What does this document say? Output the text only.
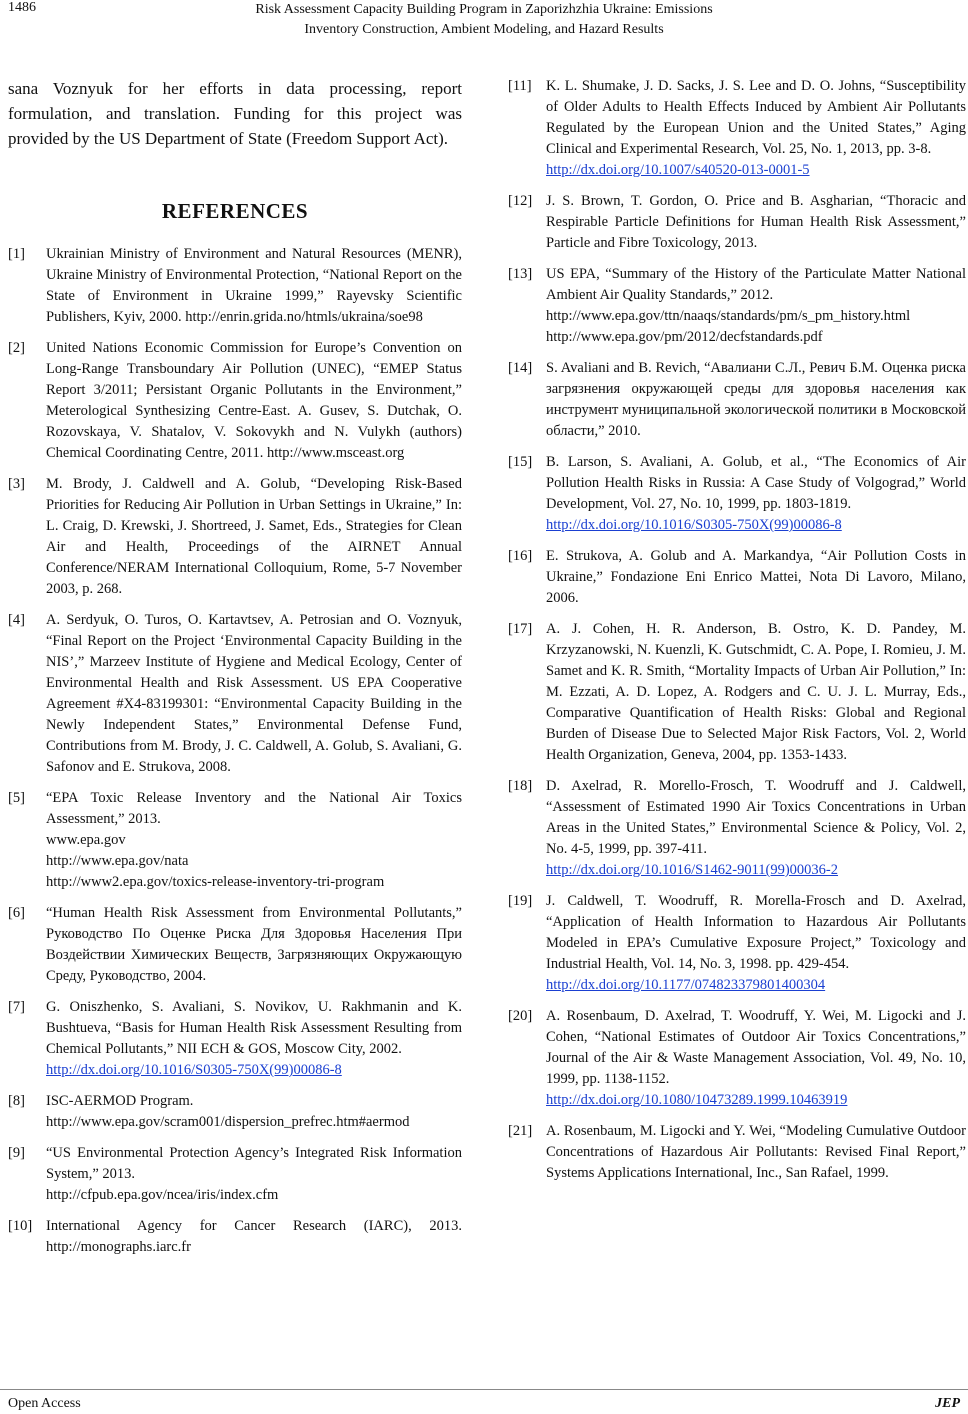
1486	Risk Assessment Capacity Building Program in Zaporizhzhia Ukraine: Emissions
Inventory Construction, Ambient Modeling, and Hazard Results

sana Voznyuk for her efforts in data processing, report formulation, and translation. Funding for this project was provided by the US Department of State (Freedom Support Act).

REFERENCES
[1]	Ukrainian Ministry of Environment and Natural Resources (MENR), Ukraine Ministry of Environmental Protection, “National Report on the State of Environment in Ukraine 1999,” Rayevsky Scientific Publishers, Kyiv, 2000. http://enrin.grida.no/htmls/ukraina/soe98
[2]	United Nations Economic Commission for Europe’s Convention on Long-Range Transboundary Air Pollution (UNEC), “EMEP Status Report 3/2011; Persistant Organic Pollutants in the Environment,” Meterological Synthesizing Centre-East. A. Gusev, S. Dutchak, O. Rozovskaya, V. Shatalov, V. Sokovykh and N. Vulykh (authors) Chemical Coordinating Centre, 2011. http://www.msceast.org
[3]	M. Brody, J. Caldwell and A. Golub, “Developing Risk-Based Priorities for Reducing Air Pollution in Urban Settings in Ukraine,” In: L. Craig, D. Krewski, J. Shortreed, J. Samet, Eds., Strategies for Clean Air and Health, Proceedings of the AIRNET Annual Conference/NERAM International Colloquium, Rome, 5-7 November 2003, p. 268.
[4]	A. Serdyuk, O. Turos, O. Kartavtsev, A. Petrosian and O. Voznyuk, “Final Report on the Project ‘Environmental Capacity Building in the NIS’,” Marzeev Institute of Hygiene and Medical Ecology, Center of Environmental Health and Risk Assessment. US EPA Cooperative Agreement #X4-83199301: “Environmental Capacity Building in the Newly Independent States,” Environmental Defense Fund, Contributions from M. Brody, J. C. Caldwell, A. Golub, S. Avaliani, G. Safonov and E. Strukova, 2008.
[5]	“EPA Toxic Release Inventory and the National Air Toxics Assessment,” 2013.
www.epa.gov
http://www.epa.gov/nata
http://www2.epa.gov/toxics-release-inventory-tri-program
[6]	“Human Health Risk Assessment from Environmental Pollutants,” Руководство По Оценке Риска Для Здоровья Населения При Воздействии Химических Веществ, Загрязняющих Окружающую Среду, Руководство, 2004.
[7]	G. Oniszhenko, S. Avaliani, S. Novikov, U. Rakhmanin and K. Bushtueva, “Basis for Human Health Risk Assessment Resulting from Chemical Pollutants,” NII ECH & GOS, Moscow City, 2002.
http://dx.doi.org/10.1016/S0305-750X(99)00086-8
[8]	ISC-AERMOD Program.
http://www.epa.gov/scram001/dispersion_prefrec.htm#aermod
[9]	“US Environmental Protection Agency’s Integrated Risk Information System,” 2013.
http://cfpub.epa.gov/ncea/iris/index.cfm
[10] International Agency for Cancer Research (IARC), 2013. http://monographs.iarc.fr
[11] K. L. Shumake, J. D. Sacks, J. S. Lee and D. O. Johns, “Susceptibility of Older Adults to Health Effects Induced by Ambient Air Pollutants Regulated by the European Union and the United States,” Aging Clinical and Experimental Research, Vol. 25, No. 1, 2013, pp. 3-8.
http://dx.doi.org/10.1007/s40520-013-0001-5
[12] J. S. Brown, T. Gordon, O. Price and B. Asgharian, “Thoracic and Respirable Particle Definitions for Human Health Risk Assessment,” Particle and Fibre Toxicology, 2013.
[13] US EPA, “Summary of the History of the Particulate Matter National Ambient Air Quality Standards,” 2012.
http://www.epa.gov/ttn/naaqs/standards/pm/s_pm_history.html
http://www.epa.gov/pm/2012/decfstandards.pdf
[14] S. Avaliani and B. Revich, “Авалиани С.Л., Ревич Б.М. Оценка риска загрязнения окружающей среды для здоровья населения как инструмент муниципальной экологической политики в Московской области,” 2010.
[15] B. Larson, S. Avaliani, A. Golub, et al., “The Economics of Air Pollution Health Risks in Russia: A Case Study of Volgograd,” World Development, Vol. 27, No. 10, 1999, pp. 1803-1819.
http://dx.doi.org/10.1016/S0305-750X(99)00086-8
[16] E. Strukova, A. Golub and A. Markandya, “Air Pollution Costs in Ukraine,” Fondazione Eni Enrico Mattei, Nota Di Lavoro, Milano, 2006.
[17] A. J. Cohen, H. R. Anderson, B. Ostro, K. D. Pandey, M. Krzyzanowski, N. Kuenzli, K. Gutschmidt, C. A. Pope, I. Romieu, J. M. Samet and K. R. Smith, “Mortality Impacts of Urban Air Pollution,” In: M. Ezzati, A. D. Lopez, A. Rodgers and C. U. J. L. Murray, Eds., Comparative Quantification of Health Risks: Global and Regional Burden of Disease Due to Selected Major Risk Factors, Vol. 2, World Health Organization, Geneva, 2004, pp. 1353-1433.
[18] D. Axelrad, R. Morello-Frosch, T. Woodruff and J. Caldwell, “Assessment of Estimated 1990 Air Toxics Concentrations in Urban Areas in the United States,” Environmental Science & Policy, Vol. 2, No. 4-5, 1999, pp. 397-411.
http://dx.doi.org/10.1016/S1462-9011(99)00036-2
[19] J. Caldwell, T. Woodruff, R. Morella-Frosch and D. Axelrad, “Application of Health Information to Hazardous Air Pollutants Modeled in EPA’s Cumulative Exposure Project,” Toxicology and Industrial Health, Vol. 14, No. 3, 1998. pp. 429-454.
http://dx.doi.org/10.1177/074823379801400304
[20] A. Rosenbaum, D. Axelrad, T. Woodruff, Y. Wei, M. Ligocki and J. Cohen, “National Estimates of Outdoor Air Toxics Concentrations,” Journal of the Air & Waste Management Association, Vol. 49, No. 10, 1999, pp. 1138-1152.
http://dx.doi.org/10.1080/10473289.1999.10463919
[21] A. Rosenbaum, M. Ligocki and Y. Wei, “Modeling Cumulative Outdoor Concentrations of Hazardous Air Pollutants: Revised Final Report,” Systems Applications International, Inc., San Rafael, 1999.
Open Access	JEP
